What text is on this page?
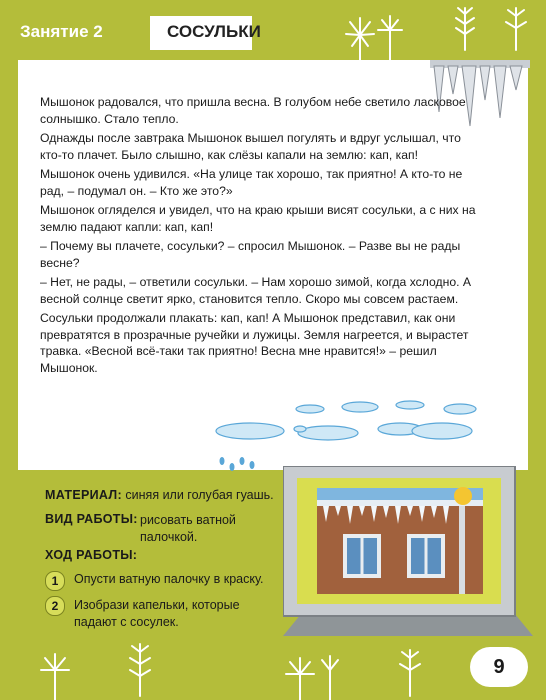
Занятие 2	СОСУЛЬКИ

Мышонок радовался, что пришла весна. В голубом небе светило ласковое солнышко. Стало тепло.

Однажды после завтрака Мышонок вышел погулять и вдруг услышал, что кто-то плачет. Было слышно, как слёзы капали на землю: кап, кап!

Мышонок очень удивился. «На улице так хорошо, так приятно! А кто-то не рад, – подумал он. – Кто же это?»

Мышонок огляделся и увидел, что на краю крыши висят сосульки, а с них на землю падают капли: кап, кап!

– Почему вы плачете, сосульки? – спросил Мышонок. – Разве вы не рады весне?

– Нет, не рады, – ответили сосульки. – Нам хорошо зимой, когда хслодно. А весной солнце светит ярко, становится тепло. Скоро мы совсем растаем.

Сосульки продолжали плакать: кап, кап! А Мышонок представил, как они превратятся в прозрачные ручейки и лужицы. Земля нагреется, и вырастет травка. «Весной всё-таки так приятно! Весна мне нравится!» – решил Мышонок.

МАТЕРИАЛ: синяя или голубая гуашь.
ВИД РАБОТЫ: рисовать ватной
палочкой.
ХОД РАБОТЫ:
1	Опусти ватную палочку в краску.
2	Изобрази капельки, которые
падают с сосулек.
9
